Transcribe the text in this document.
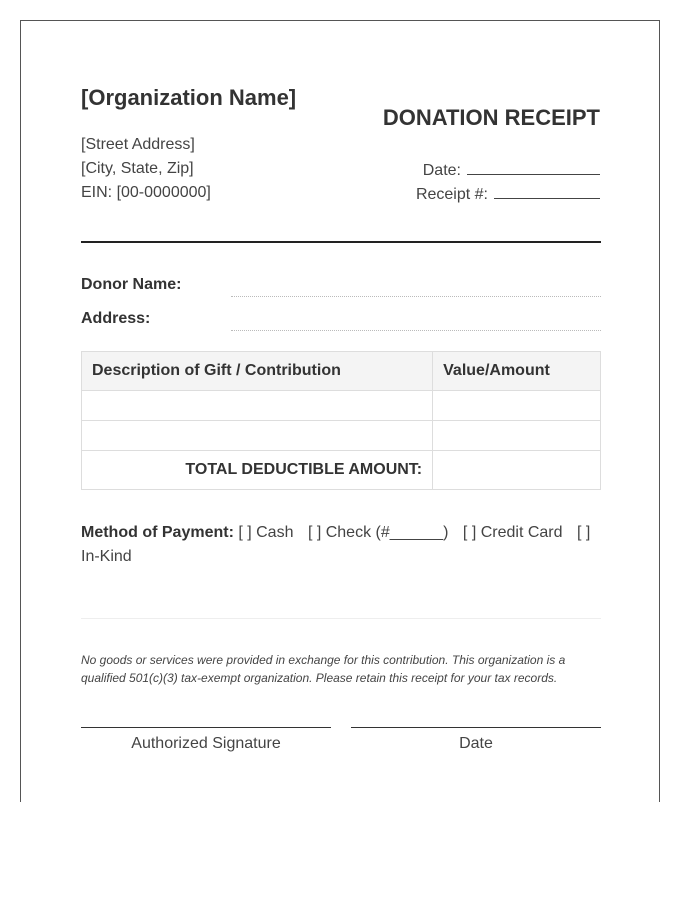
[Organization Name]
DONATION RECEIPT
[Street Address]
[City, State, Zip]
EIN: [00-0000000]
Date:
Receipt #:
Donor Name:
Address:
Description of Gift / Contribution	Value/Amount

TOTAL DEDUCTIBLE AMOUNT:	
Method of Payment: [ ] Cash [ ] Check (#______) [ ] Credit Card [ ] In-Kind
No goods or services were provided in exchange for this contribution. This organization is a qualified 501(c)(3) tax-exempt organization. Please retain this receipt for your tax records.
Authorized Signature	Date
